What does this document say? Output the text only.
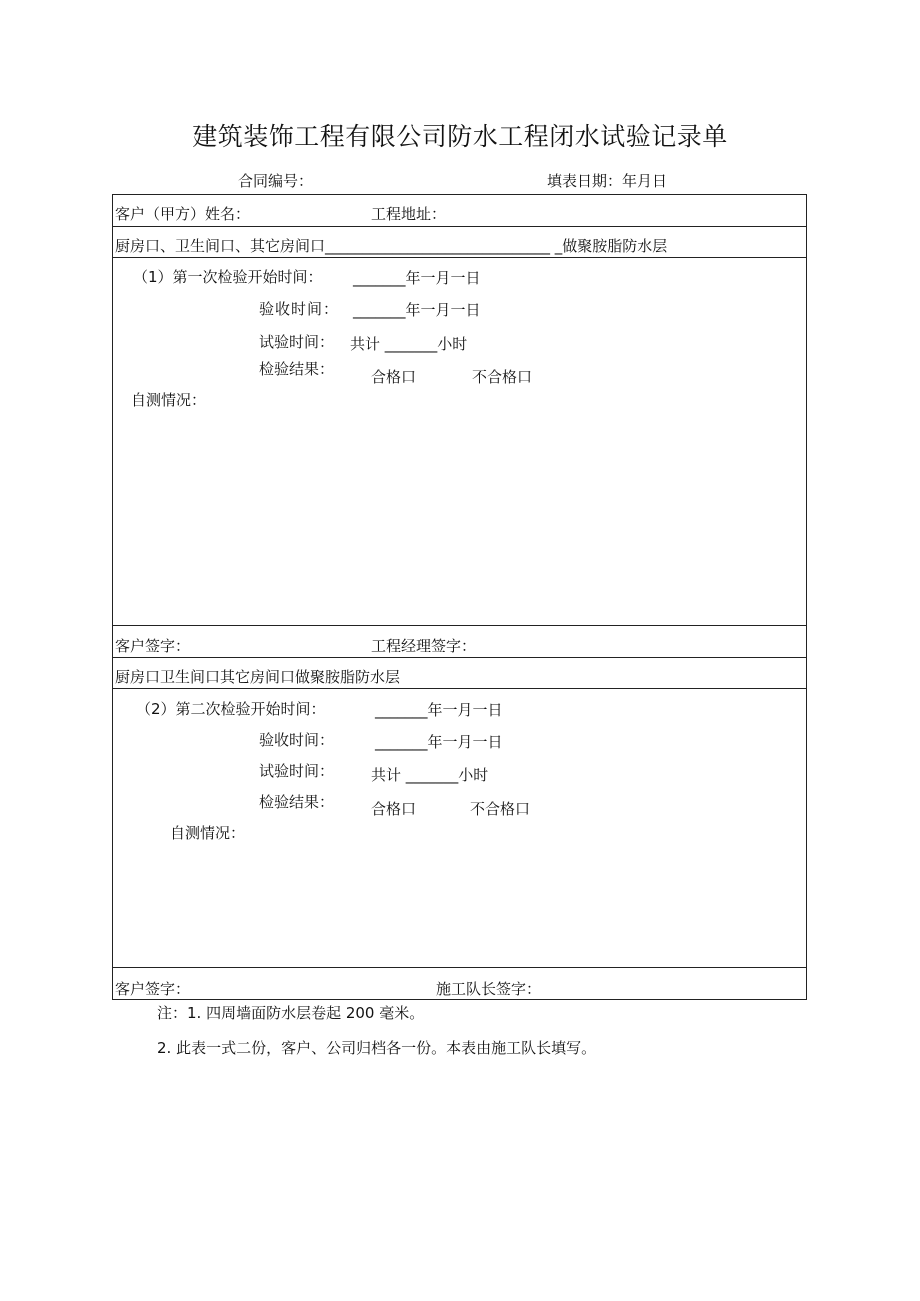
建筑装饰工程有限公司防水工程闭水试验记录单
合同编号：	填表日期：年月日
客户（甲方）姓名：	工程地址：
厨房口、卫生间口、其它房间口______________________________ _做聚胺脂防水层
（1）第一次检验开始时间： _______年一月一日
验收时间： _______年一月一日
试验时间： 共计 _______小时
检验结果： 合格口	不合格口
自测情况：
客户签字：	工程经理签字：
厨房口卫生间口其它房间口做聚胺脂防水层
（2）第二次检验开始时间：	_______年一月一日
验收时间：	_______年一月一日
试验时间： 共计 _______小时
检验结果： 合格口	不合格口
自测情况：
客户签字：	施工队长签字：
注：1. 四周墙面防水层卷起 200 毫米。
2. 此表一式二份，客户、公司归档各一份。本表由施工队长填写。
